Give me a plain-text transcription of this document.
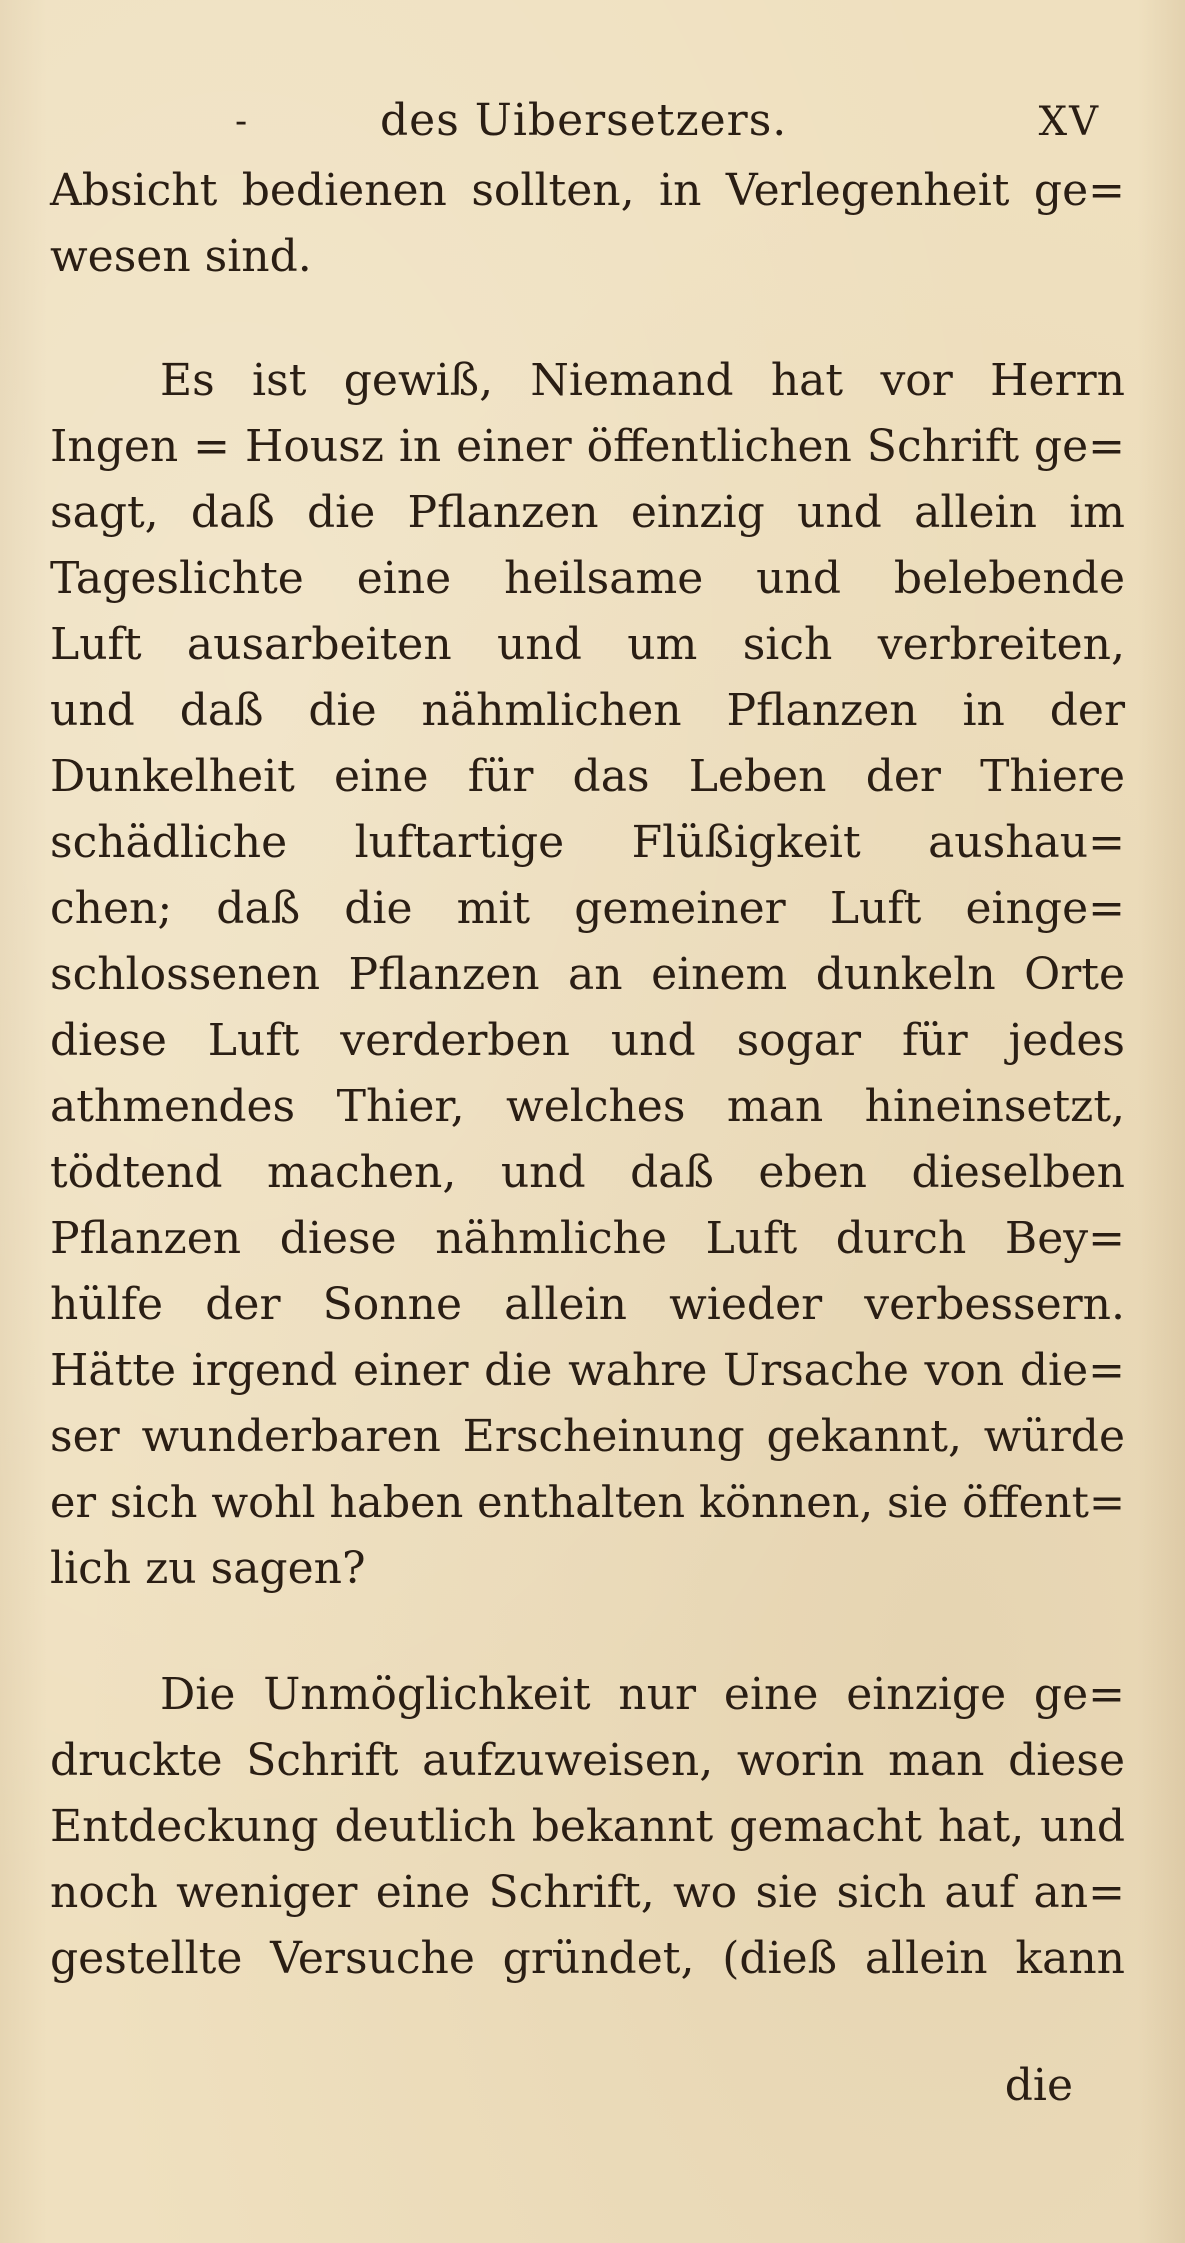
-	des Uibersetzers.	XV
Absicht bedienen sollten, in Verlegenheit ge=
wesen sind.
Es ist gewiß, Niemand hat vor Herrn
Ingen = Housz in einer öffentlichen Schrift ge=
sagt, daß die Pflanzen einzig und allein im
Tageslichte eine heilsame und belebende
Luft ausarbeiten und um sich verbreiten,
und daß die nähmlichen Pflanzen in der
Dunkelheit eine für das Leben der Thiere
schädliche luftartige Flüßigkeit aushau=
chen; daß die mit gemeiner Luft einge=
schlossenen Pflanzen an einem dunkeln Orte
diese Luft verderben und sogar für jedes
athmendes Thier, welches man hineinsetzt,
tödtend machen, und daß eben dieselben
Pflanzen diese nähmliche Luft durch Bey=
hülfe der Sonne allein wieder verbessern.
Hätte irgend einer die wahre Ursache von die=
ser wunderbaren Erscheinung gekannt, würde
er sich wohl haben enthalten können, sie öffent=
lich zu sagen?
Die Unmöglichkeit nur eine einzige ge=
druckte Schrift aufzuweisen, worin man diese
Entdeckung deutlich bekannt gemacht hat, und
noch weniger eine Schrift, wo sie sich auf an=
gestellte Versuche gründet, (dieß allein kann
die
